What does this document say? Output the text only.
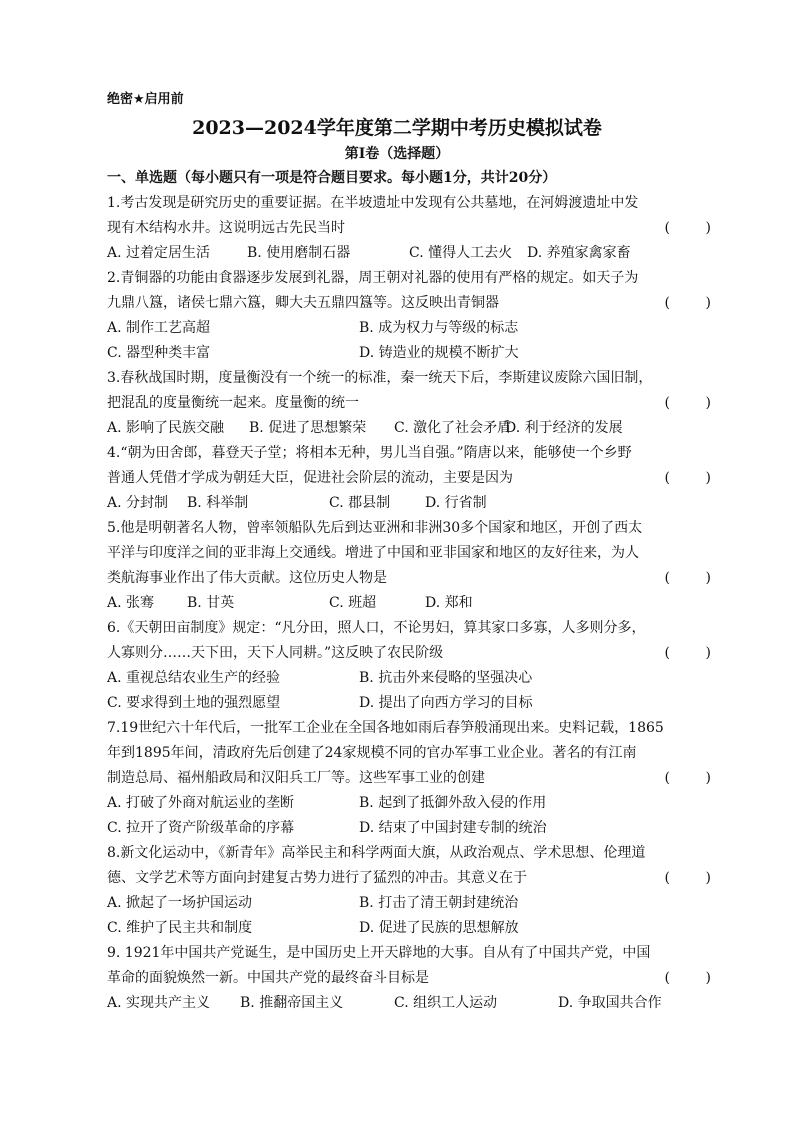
绝密★启用前
2023—2024学年度第二学期中考历史模拟试卷
第Ⅰ卷（选择题）
一、单选题（每小题只有一项是符合题目要求。每小题1分，共计20分）
1.考古发现是研究历史的重要证据。在半坡遗址中发现有公共墓地，在河姆渡遗址中发
现有木结构水井。这说明远古先民当时	(        )
A. 过着定居生活	B. 使用磨制石器	C. 懂得人工去火 D. 养殖家禽家畜
2.青铜器的功能由食器逐步发展到礼器，周王朝对礼器的使用有严格的规定。如天子为
九鼎八簋，诸侯七鼎六簋，卿大夫五鼎四簋等。这反映出青铜器	(        )
A. 制作工艺高超	B. 成为权力与等级的标志
C. 器型种类丰富	D. 铸造业的规模不断扩大
3.春秋战国时期，度量衡没有一个统一的标准，秦一统天下后，李斯建议废除六国旧制，
把混乱的度量衡统一起来。度量衡的统一	(        )
A. 影响了民族交融 B. 促进了思想繁荣 C. 激化了社会矛盾
D. 利于经济的发展
4.“朝为田舍郎，暮登天子堂；将相本无种，男儿当自强。”隋唐以来，能够使一个乡野
普通人凭借才学成为朝廷大臣，促进社会阶层的流动，主要是因为	(        )
A. 分封制 B. 科举制	C. 郡县制 D. 行省制
5.他是明朝著名人物，曾率领船队先后到达亚洲和非洲30多个国家和地区，开创了西太
平洋与印度洋之间的亚非海上交通线。增进了中国和亚非国家和地区的友好往来，为人
类航海事业作出了伟大贡献。这位历史人物是	(        )
A. 张骞 B. 甘英	C. 班超	D. 郑和
6.《天朝田亩制度》规定：“凡分田，照人口，不论男妇，算其家口多寡，人多则分多，
人寡则分……天下田，天下人同耕。”这反映了农民阶级	(        )
A. 重视总结农业生产的经验	B. 抗击外来侵略的坚强决心
C. 要求得到土地的强烈愿望	D. 提出了向西方学习的目标
7.19世纪六十年代后，一批军工企业在全国各地如雨后春笋般涌现出来。史料记载，1865
年到1895年间，清政府先后创建了24家规模不同的官办军事工业企业。著名的有江南
制造总局、福州船政局和汉阳兵工厂等。这些军事工业的创建	(        )
A. 打破了外商对航运业的垄断	B. 起到了抵御外敌入侵的作用
C. 拉开了资产阶级革命的序幕	D. 结束了中国封建专制的统治
8.新文化运动中，《新青年》高举民主和科学两面大旗，从政治观点、学术思想、伦理道
德、文学艺术等方面向封建复古势力进行了猛烈的冲击。其意义在于	(        )
A. 掀起了一场护国运动	B. 打击了清王朝封建统治
C. 维护了民主共和制度	D. 促进了民族的思想解放
9. 1921年中国共产党诞生，是中国历史上开天辟地的大事。自从有了中国共产党，中国
革命的面貌焕然一新。中国共产党的最终奋斗目标是	(        )
A. 实现共产主义 B. 推翻帝国主义	C. 组织工人运动	D. 争取国共合作
